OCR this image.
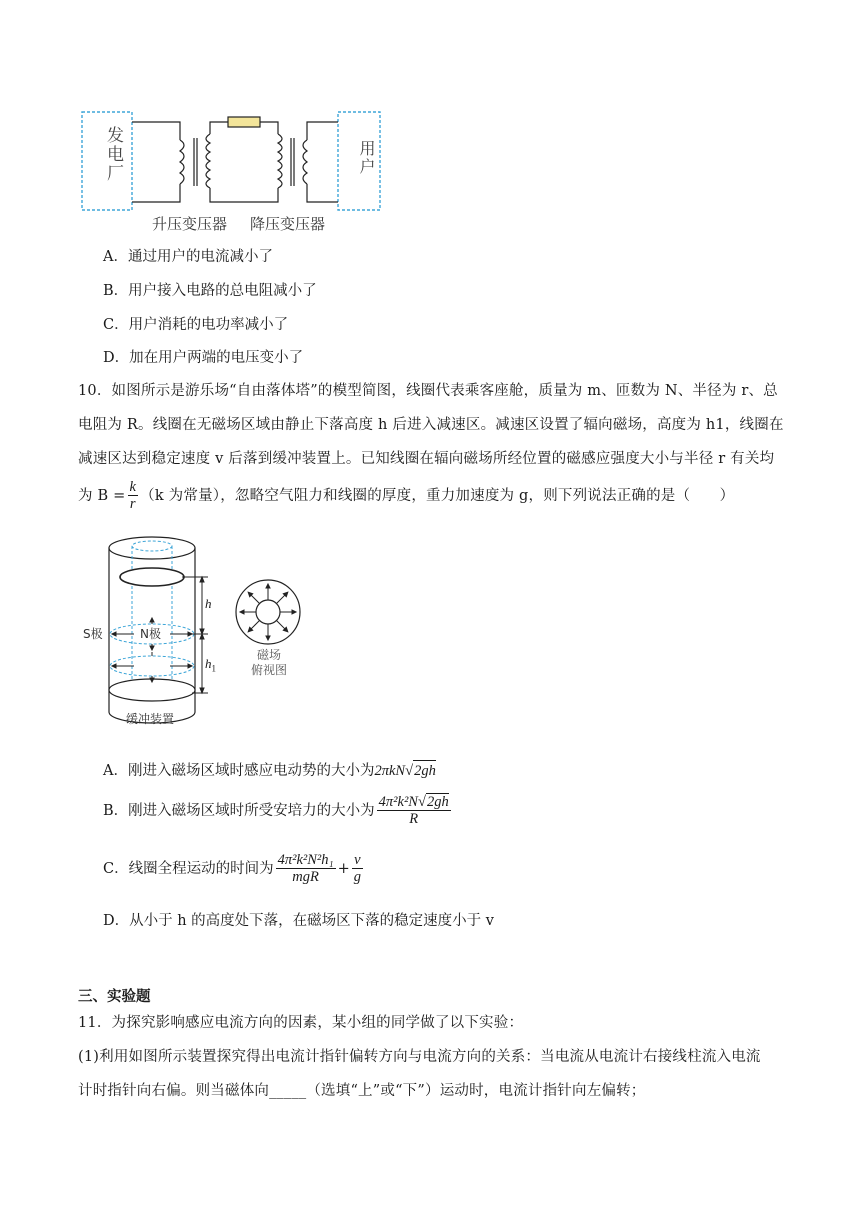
发电厂	用户
升压变压器 降压变压器
A．通过用户的电流减小了
B．用户接入电路的总电阻减小了
C．用户消耗的电功率减小了
D．加在用户两端的电压变小了
10．如图所示是游乐场“自由落体塔”的模型简图，线圈代表乘客座舱，质量为 m、匝数为 N、半径为 r、总
电阻为 R。线圈在无磁场区域由静止下落高度 h 后进入减速区。减速区设置了辐向磁场，高度为 h1，线圈在
减速区达到稳定速度 v 后落到缓冲装置上。已知线圈在辐向磁场所经位置的磁感应强度大小与半径 r 有关均
为 $B = \frac{k}{r} (k$ 为常量），忽略空气阻力和线圈的厚度，重力加速度为 g，则下列说法正确的是（　　）
S极	N极
h
$h_1$
缓冲装置
磁场
俯视图
A．刚进入磁场区域时感应电动势的大小为 2πkN √ 2gh
B．刚进入磁场区域时所受安培力的大小为 $\frac{\text{4π²k²N√2gh}}{R}$
C．线圈全程运动的时间为 $\frac{\text{4π²k²N²h₁}}{\text{mgR}} + \frac{v}{g}$
D．从小于 h 的高度处下落，在磁场区下落的稳定速度小于 v
三、实验题
11．为探究影响感应电流方向的因素，某小组的同学做了以下实验：
(1)利用如图所示装置探究得出电流计指针偏转方向与电流方向的关系：当电流从电流计右接线柱流入电流
计时指针向右偏。则当磁体向_____（选填“上”或“下”）运动时，电流计指针向左偏转；
